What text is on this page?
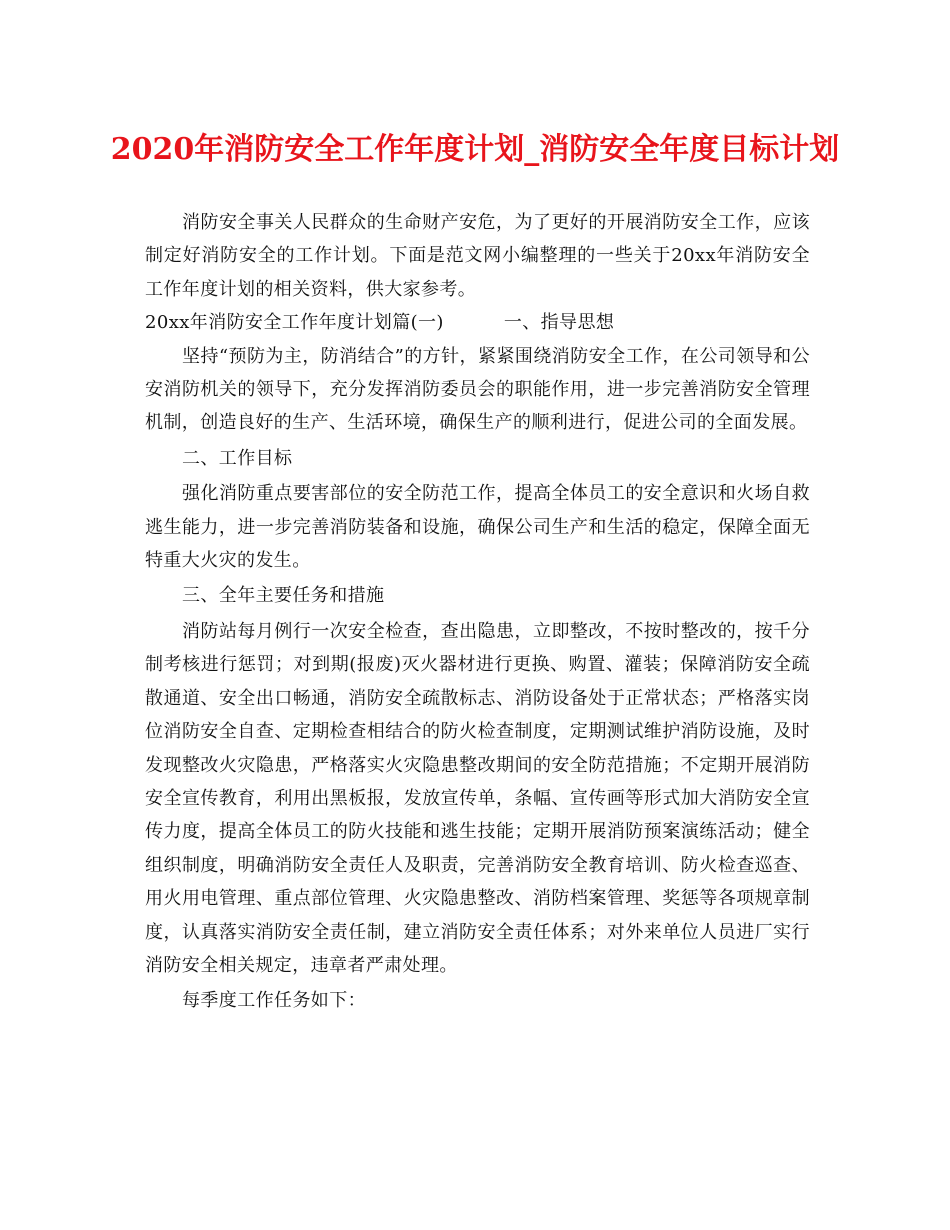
2020年消防安全工作年度计划_消防安全年度目标计划

消防安全事关人民群众的生命财产安危，为了更好的开展消防安全工作，应该制定好消防安全的工作计划。下面是范文网小编整理的一些关于20xx年消防安全工作年度计划的相关资料，供大家参考。

20xx年消防安全工作年度计划篇(一)	一、指导思想

坚持“预防为主，防消结合”的方针，紧紧围绕消防安全工作，在公司领导和公安消防机关的领导下，充分发挥消防委员会的职能作用，进一步完善消防安全管理机制，创造良好的生产、生活环境，确保生产的顺利进行，促进公司的全面发展。

二、工作目标

强化消防重点要害部位的安全防范工作，提高全体员工的安全意识和火场自救逃生能力，进一步完善消防装备和设施，确保公司生产和生活的稳定，保障全面无特重大火灾的发生。

三、全年主要任务和措施

消防站每月例行一次安全检查，查出隐患，立即整改，不按时整改的，按千分制考核进行惩罚；对到期(报废)灭火器材进行更换、购置、灌装；保障消防安全疏散通道、安全出口畅通，消防安全疏散标志、消防设备处于正常状态；严格落实岗位消防安全自查、定期检查相结合的防火检查制度，定期测试维护消防设施，及时发现整改火灾隐患，严格落实火灾隐患整改期间的安全防范措施；不定期开展消防安全宣传教育，利用出黑板报，发放宣传单，条幅、宣传画等形式加大消防安全宣传力度，提高全体员工的防火技能和逃生技能；定期开展消防预案演练活动；健全组织制度，明确消防安全责任人及职责，完善消防安全教育培训、防火检查巡查、用火用电管理、重点部位管理、火灾隐患整改、消防档案管理、奖惩等各项规章制度，认真落实消防安全责任制，建立消防安全责任体系；对外来单位人员进厂实行消防安全相关规定，违章者严肃处理。

每季度工作任务如下：
